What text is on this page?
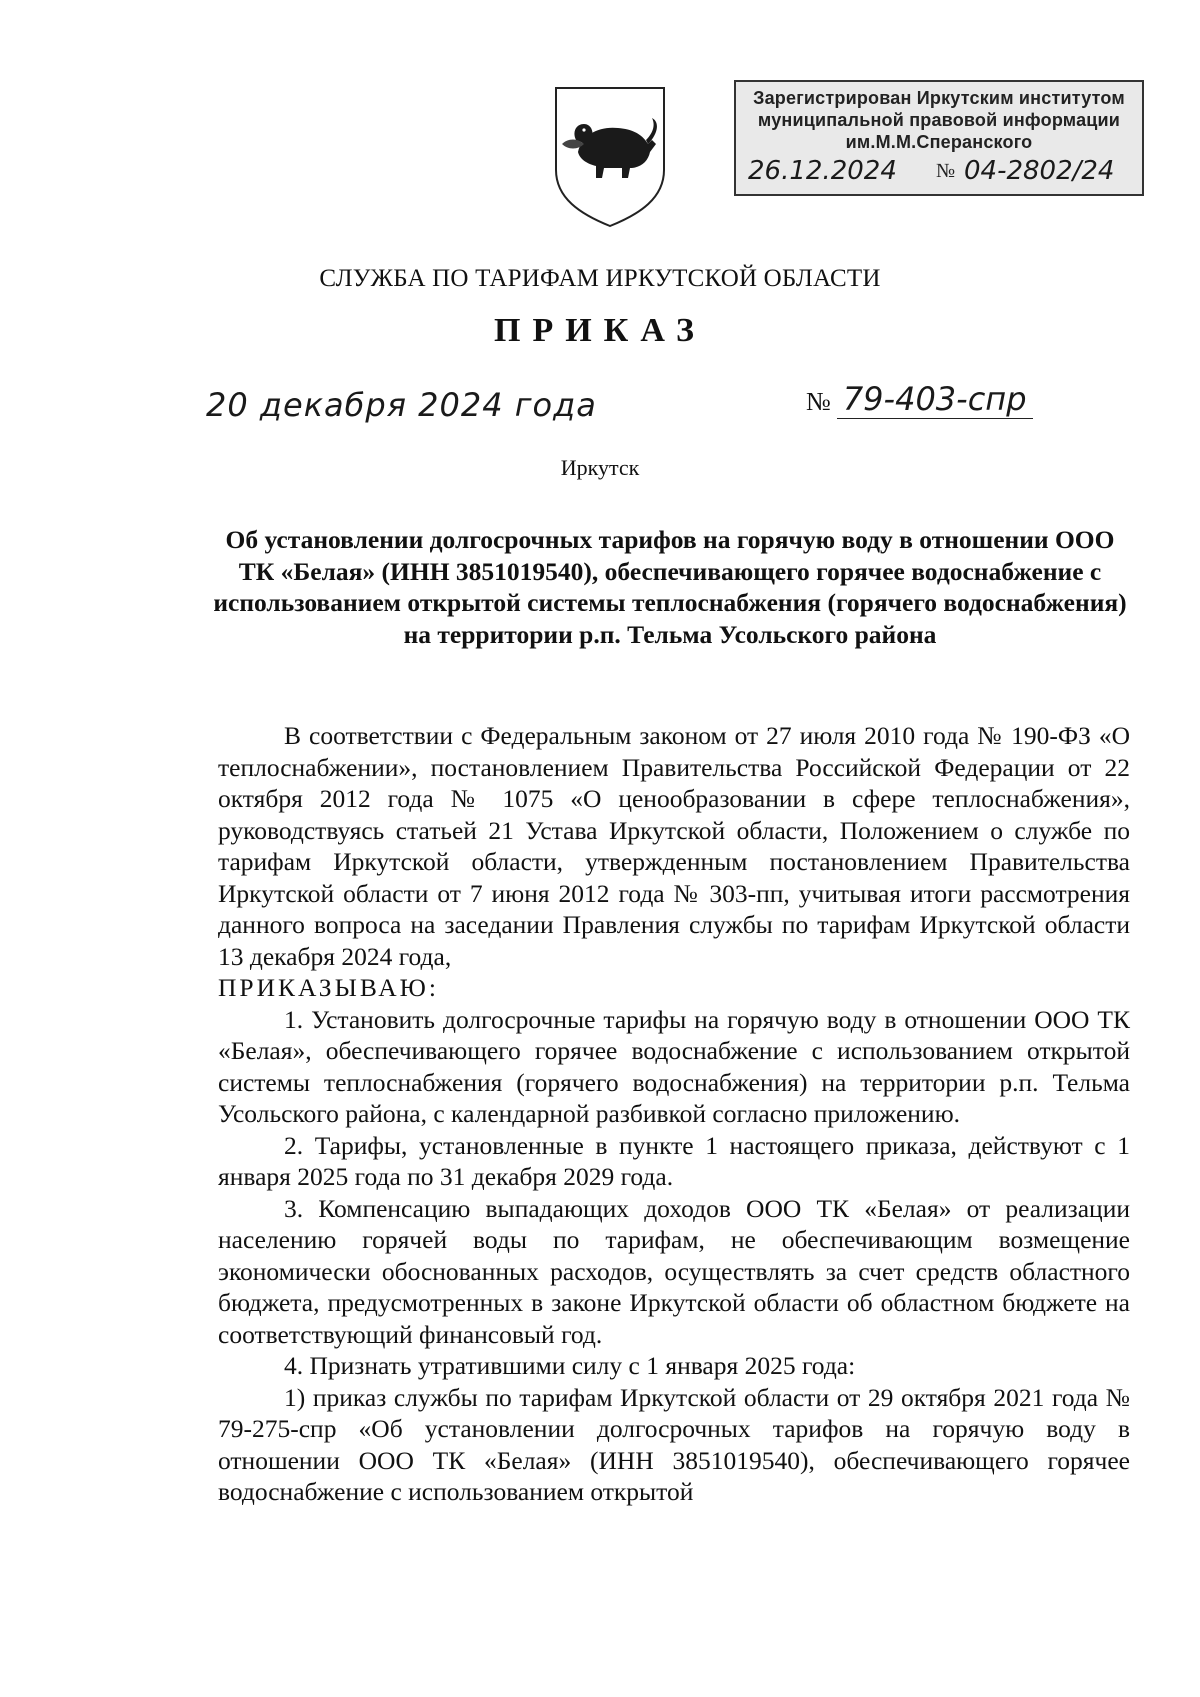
Зарегистрирован Иркутским институтом
муниципальной правовой информации
им.М.М.Сперанского
26.12.2024 № 04-2802/24
СЛУЖБА ПО ТАРИФАМ ИРКУТСКОЙ ОБЛАСТИ
ПРИКАЗ
20 декабря 2024 года	№ 79-403-спр
Иркутск
Об установлении долгосрочных тарифов на горячую воду в отношении ООО ТК «Белая» (ИНН 3851019540), обеспечивающего горячее водоснабжение с использованием открытой системы теплоснабжения (горячего водоснабжения) на территории р.п. Тельма Усольского района

В соответствии с Федеральным законом от 27 июля 2010 года № 190-ФЗ «О теплоснабжении», постановлением Правительства Российской Федерации от 22 октября 2012 года № 1075 «О ценообразовании в сфере теплоснабжения», руководствуясь статьей 21 Устава Иркутской области, Положением о службе по тарифам Иркутской области, утвержденным постановлением Правительства Иркутской области от 7 июня 2012 года № 303-пп, учитывая итоги рассмотрения данного вопроса на заседании Правления службы по тарифам Иркутской области 13 декабря 2024 года,

ПРИКАЗЫВАЮ:

1. Установить долгосрочные тарифы на горячую воду в отношении ООО ТК «Белая», обеспечивающего горячее водоснабжение с использованием открытой системы теплоснабжения (горячего водоснабжения) на территории р.п. Тельма Усольского района, с календарной разбивкой согласно приложению.

2. Тарифы, установленные в пункте 1 настоящего приказа, действуют с 1 января 2025 года по 31 декабря 2029 года.

3. Компенсацию выпадающих доходов ООО ТК «Белая» от реализации населению горячей воды по тарифам, не обеспечивающим возмещение экономически обоснованных расходов, осуществлять за счет средств областного бюджета, предусмотренных в законе Иркутской области об областном бюджете на соответствующий финансовый год.

4. Признать утратившими силу с 1 января 2025 года:

1) приказ службы по тарифам Иркутской области от 29 октября 2021 года № 79-275-спр «Об установлении долгосрочных тарифов на горячую воду в отношении ООО ТК «Белая» (ИНН 3851019540), обеспечивающего горячее водоснабжение с использованием открытой
